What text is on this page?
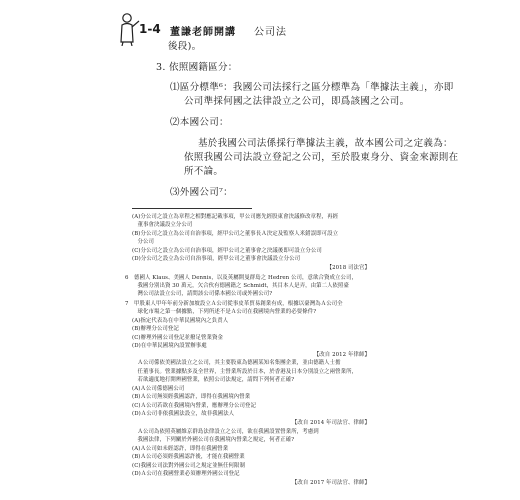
1-4 董謙老師開講 公司法
後段)。
3. 依照國籍區分：
⑴區分標準⁶：我國公司法採行之區分標準為「準據法主義」，亦即
公司準採何國之法律設立之公司，即爲該國之公司。
⑵本國公司：
基於我國公司法係採行準據法主義，故本國公司之定義為：
依照我國公司法設立登記之公司，至於股東身分、資金來源則在
所不論。
⑶外國公司⁷：
(A)分公司之設立為章程之相對應記載事項，甲公司應先經股東會決議修改章程，再經
　董事會決議設立分公司
(B)分公司之設立為公司自治事項，經甲公司之董事長Ａ決定及監察人米錯誤即可設立
　分公司
(C)分公司之設立為公司自治事項，經甲公司之董事會之決議後即可設立分公司
(D)分公司之設立為公司自治事項，經甲公司之董事會決議設立分公司
【2018 司法官】
6　德國人 Klaus、美國人 Dennis，以及英屬開曼群島之 Hedren 公司，意欲合資成立公司，
　我國分別出資 30 萬元，欠合伙有德國籍之 Schmidt，其目本人是弄，由第二人依照臺
　灣公司法設立公司，請問該公司係本國公司或外國公司?
7　甲股東人甲年年前分新加坡設立Ａ公司從事皮革貿易創業有成，根據以臺灣為Ａ公司全
　球化市場之第一個據點，下列所述不是Ａ公司在我國境內營業的必要條件?
(A)指定代表為在中華民國境內之負責人
(B)辦理分公司登記
(C)辦理外國公司登記並撥足營業資金
(D)在中華民國境內設置辦事處
【改自 2012 年律師】
　Ａ公司係依美國法設立之公司，其主要股東為德國某知名集團企業，並由德籍人士擔
　任董事長。營業據點多及全世界，主營業所設於日本，於香港及日本分別設立之兩營業所，
　若欲適度地打開辨國營業，依照公司法規定，請問下列何者正確?
(A)Ａ公司係德國公司
(B)Ａ公司無須經我國認許，即得在我國境內營業
(C)Ａ公司若欲在我國境內營業，應辦理分公司登記
(D)Ａ公司非依我國法設立，故非我國法人
【改自 2014 年司法官、律師】
　Ａ公司為依照英屬維京群島法律設立之公司，欲在我國設置營業所，考慮到
　我國法律，下列關於外國公司在我國境內營業之規定，何者正確?
(A)Ａ公司如未經認許，即得在我國營業
(B)Ａ公司必須經我國認許後，才能在我國營業
(C)我國公司法對外國公司之規定並無任何限制
(D)Ａ公司在我國營業必須辦理外國公司登記
【改自 2017 年司法官、律師】
